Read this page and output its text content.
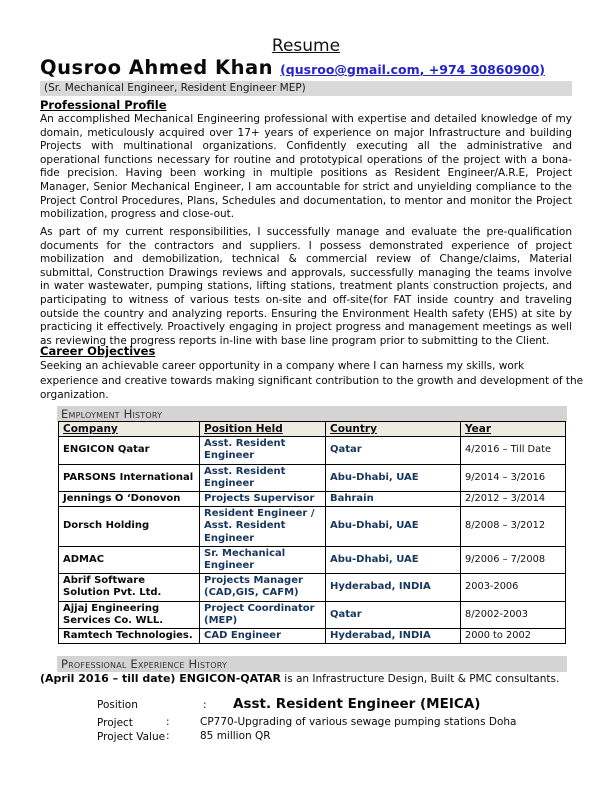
Resume
Qusroo Ahmed Khan (qusroo@gmail.com, +974 30860900)
(Sr. Mechanical Engineer, Resident Engineer MEP)
Professional Profile
An accomplished Mechanical Engineering professional with expertise and detailed knowledge of my domain, meticulously acquired over 17+ years of experience on major Infrastructure and building Projects with multinational organizations. Confidently executing all the administrative and operational functions necessary for routine and prototypical operations of the project with a bona-fide precision. Having been working in multiple positions as Resident Engineer/A.R.E, Project Manager, Senior Mechanical Engineer, I am accountable for strict and unyielding compliance to the Project Control Procedures, Plans, Schedules and documentation, to mentor and monitor the Project mobilization, progress and close-out.
As part of my current responsibilities, I successfully manage and evaluate the pre-qualification documents for the contractors and suppliers. I possess demonstrated experience of project mobilization and demobilization, technical & commercial review of Change/claims, Material submittal, Construction Drawings reviews and approvals, successfully managing the teams involve in water wastewater, pumping stations, lifting stations, treatment plants construction projects, and participating to witness of various tests on-site and off-site(for FAT inside country and traveling outside the country and analyzing reports. Ensuring the Environment Health safety (EHS) at site by practicing it effectively. Proactively engaging in project progress and management meetings as well as reviewing the progress reports in-line with base line program prior to submitting to the Client.
Career Objectives
Seeking an achievable career opportunity in a company where I can harness my skills, work experience and creative towards making significant contribution to the growth and development of the organization.
Employment History
Company	Position Held	Country	Year
ENGICON Qatar	Asst. Resident Engineer	Qatar	4/2016 – Till Date
PARSONS International	Asst. Resident Engineer	Abu-Dhabi, UAE	9/2014 – 3/2016
Jennings O ‘Donovon	Projects Supervisor	Bahrain	2/2012 – 3/2014
Dorsch Holding	Resident Engineer / Asst. Resident Engineer	Abu-Dhabi, UAE	8/2008 – 3/2012
ADMAC	Sr. Mechanical Engineer	Abu-Dhabi, UAE	9/2006 – 7/2008
Abrif Software Solution Pvt. Ltd.	Projects Manager (CAD,GIS, CAFM)	Hyderabad, INDIA	2003-2006
Ajjaj Engineering Services Co. WLL.	Project Coordinator (MEP)	Qatar	8/2002-2003
Ramtech Technologies.	CAD Engineer	Hyderabad, INDIA	2000 to 2002
Professional Experience History
(April 2016 – till date) ENGICON-QATAR is an Infrastructure Design, Built & PMC consultants.
Position	: Asst. Resident Engineer (MEICA)
Project	:	CP770-Upgrading of various sewage pumping stations Doha
Project Value :	85 million QR
